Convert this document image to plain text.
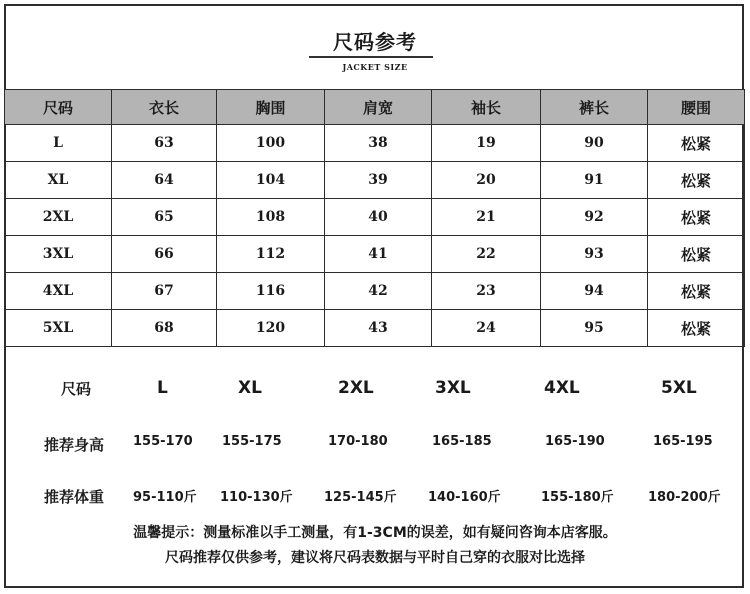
尺码参考
JACKET SIZE
尺码	衣长	胸围	肩宽	袖长	裤长	腰围
L	63	100	38	19	90	松紧
XL	64	104	39	20	91	松紧
2XL	65	108	40	21	92	松紧
3XL	66	112	41	22	93	松紧
4XL	67	116	42	23	94	松紧
5XL	68	120	43	24	95	松紧
尺码	L	XL	2XL	3XL	4XL	5XL
推荐身高 155-170 155-175	170-180	165-185	165-190	165-195
推荐体重 95-110斤 110-130斤 125-145斤 140-160斤	155-180斤	180-200斤
温馨提示：测量标准以手工测量，有1-3CM的误差，如有疑问咨询本店客服。
尺码推荐仅供参考，建议将尺码表数据与平时自己穿的衣服对比选择
